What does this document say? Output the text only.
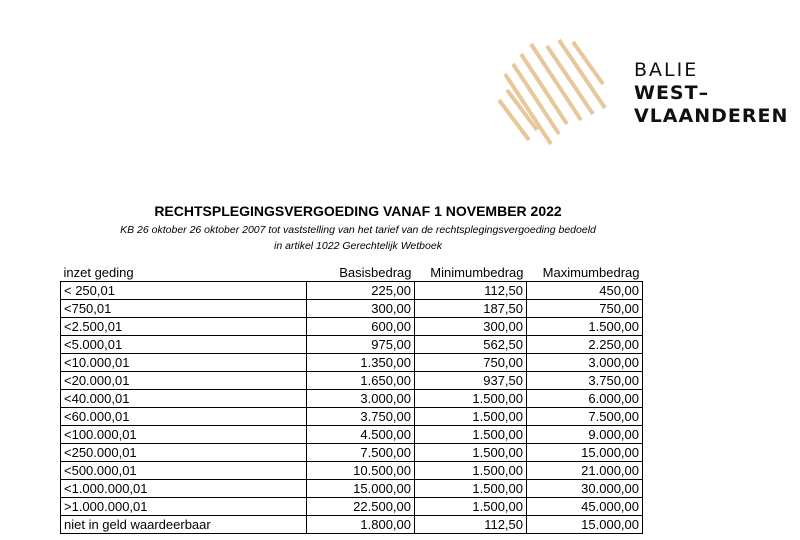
BALIE
WEST–
VLAANDEREN
RECHTSPLEGINGSVERGOEDING VANAF 1 NOVEMBER 2022
KB 26 oktober 26 oktober 2007 tot vaststelling van het tarief van de rechtsplegingsvergoeding bedoeld
in artikel 1022 Gerechtelijk Wetboek
inzet geding	Basisbedrag	Minimumbedrag	Maximumbedrag
< 250,01	225,00	112,50	450,00
<750,01	300,00	187,50	750,00
<2.500,01	600,00	300,00	1.500,00
<5.000,01	975,00	562,50	2.250,00
<10.000,01	1.350,00	750,00	3.000,00
<20.000,01	1.650,00	937,50	3.750,00
<40.000,01	3.000,00	1.500,00	6.000,00
<60.000,01	3.750,00	1.500,00	7.500,00
<100.000,01	4.500,00	1.500,00	9.000,00
<250.000,01	7.500,00	1.500,00	15.000,00
<500.000,01	10.500,00	1.500,00	21.000,00
<1.000.000,01	15.000,00	1.500,00	30.000,00
>1.000.000,01	22.500,00	1.500,00	45.000,00
niet in geld waardeerbaar	1.800,00	112,50	15.000,00
